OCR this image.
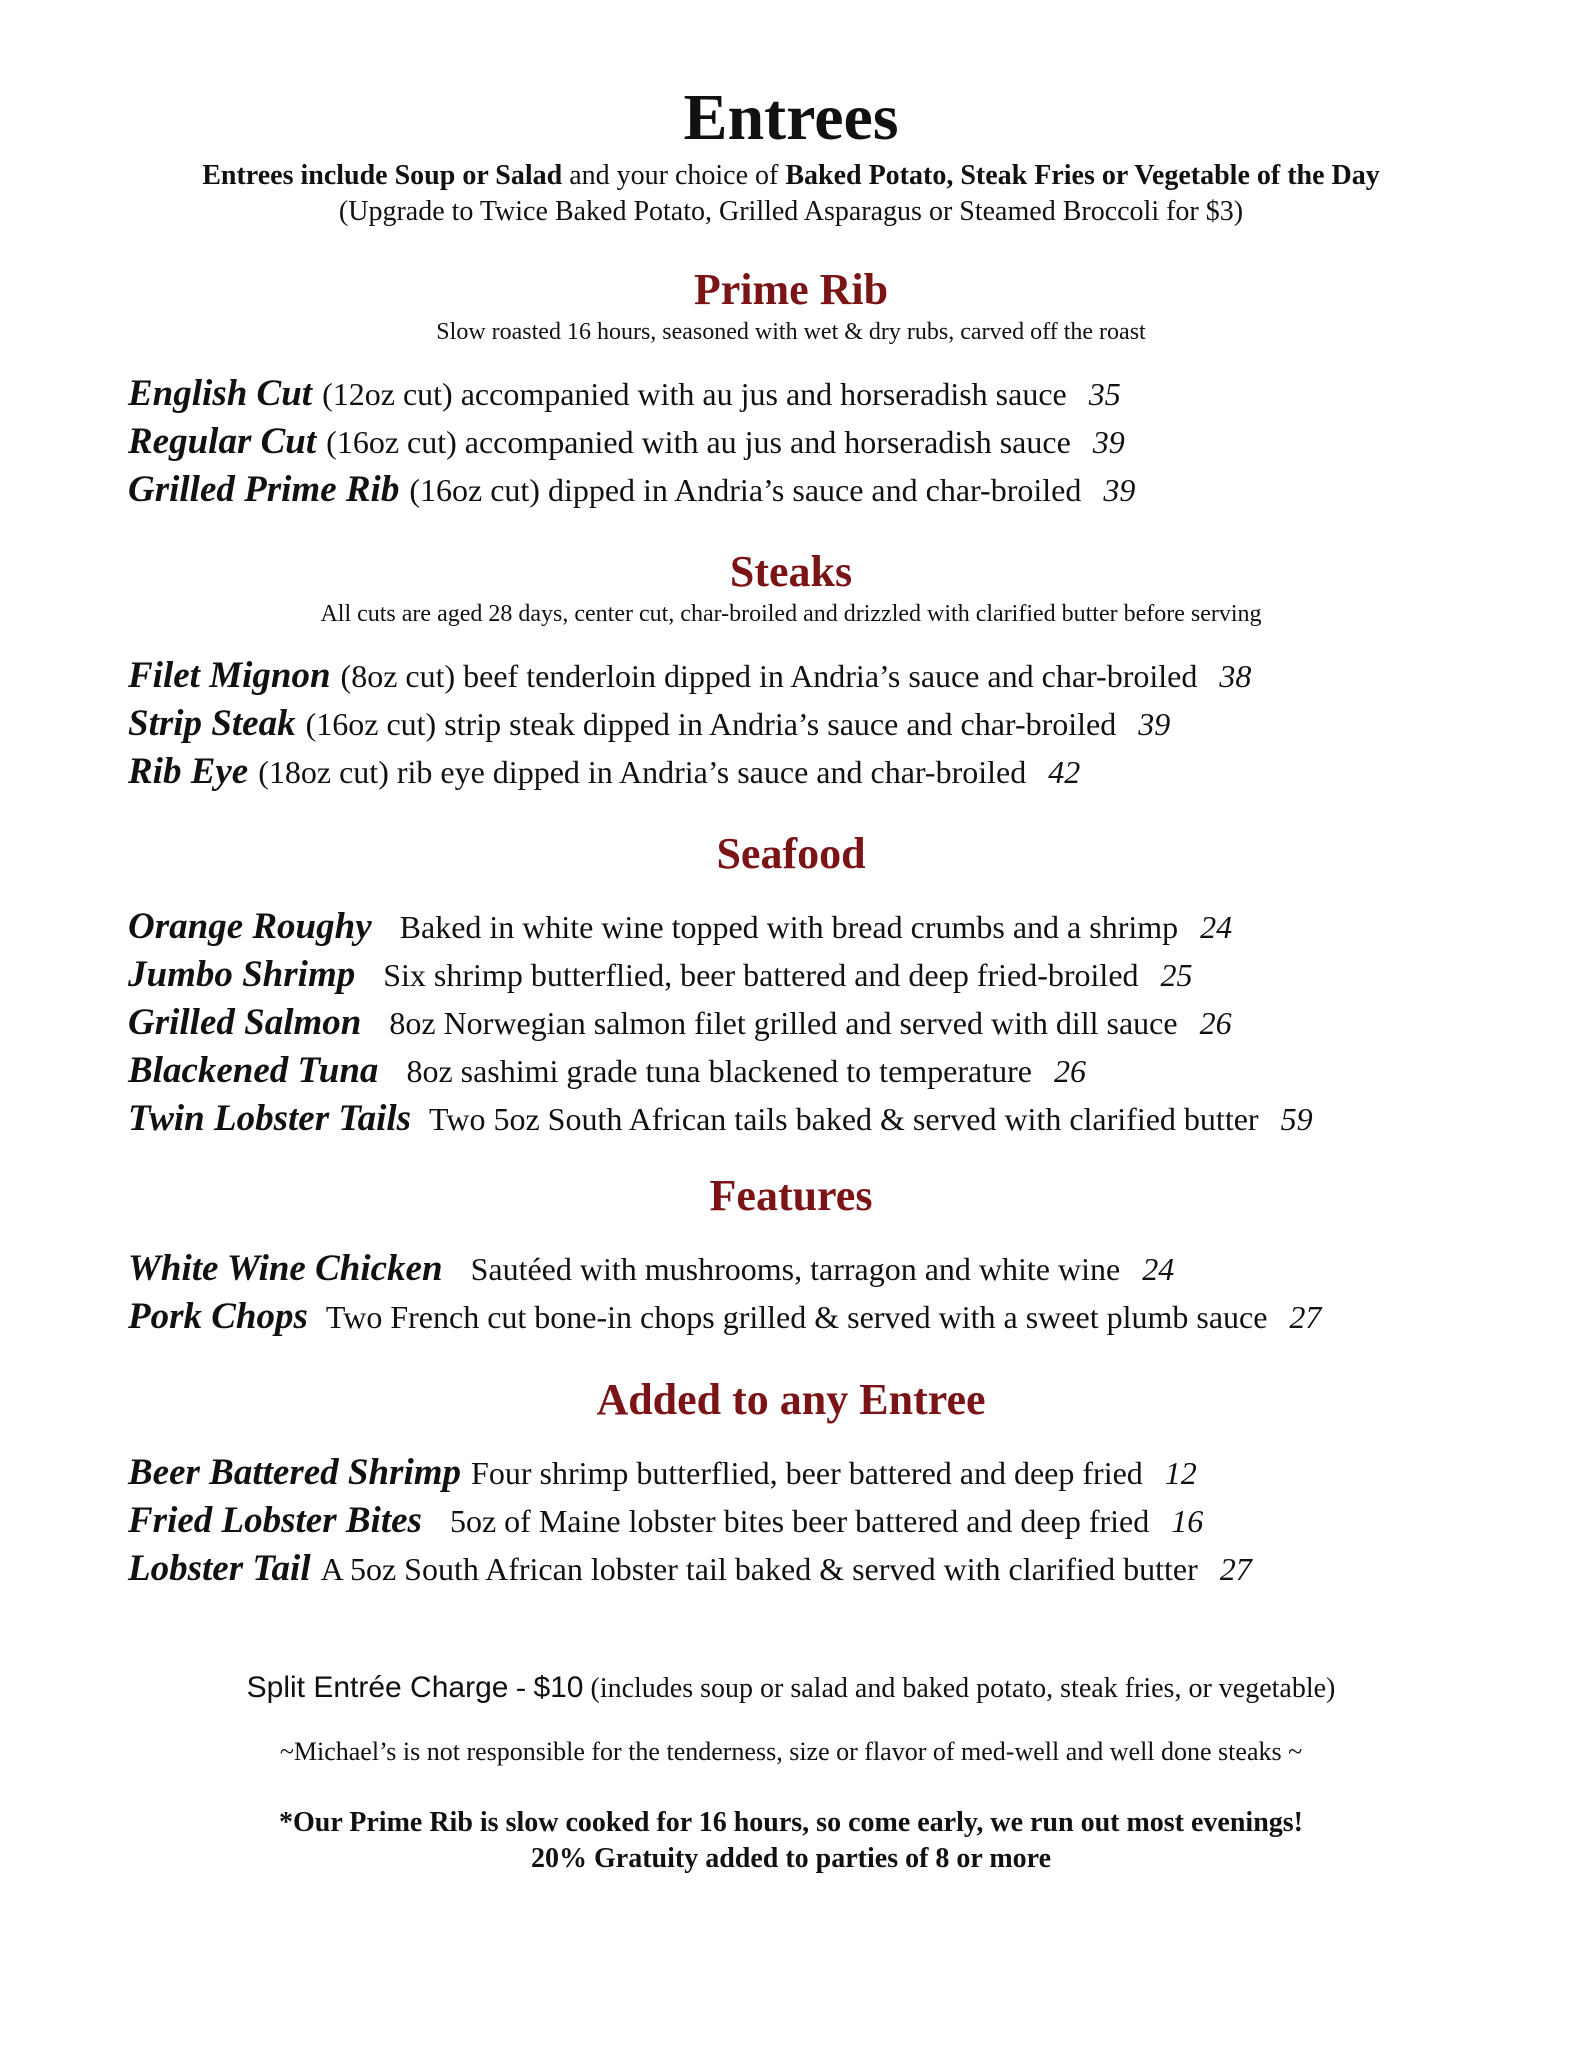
Entrees
Entrees include Soup or Salad and your choice of Baked Potato, Steak Fries or Vegetable of the Day
(Upgrade to Twice Baked Potato, Grilled Asparagus or Steamed Broccoli for $3)
Prime Rib
Slow roasted 16 hours, seasoned with wet & dry rubs, carved off the roast
English Cut (12oz cut) accompanied with au jus and horseradish sauce 35
Regular Cut (16oz cut) accompanied with au jus and horseradish sauce 39
Grilled Prime Rib (16oz cut) dipped in Andria’s sauce and char-broiled 39
Steaks
All cuts are aged 28 days, center cut, char-broiled and drizzled with clarified butter before serving
Filet Mignon (8oz cut) beef tenderloin dipped in Andria’s sauce and char-broiled 38
Strip Steak (16oz cut) strip steak dipped in Andria’s sauce and char-broiled 39
Rib Eye (18oz cut) rib eye dipped in Andria’s sauce and char-broiled 42
Seafood
Orange Roughy Baked in white wine topped with bread crumbs and a shrimp 24
Jumbo Shrimp Six shrimp butterflied, beer battered and deep fried-broiled 25
Grilled Salmon 8oz Norwegian salmon filet grilled and served with dill sauce 26
Blackened Tuna 8oz sashimi grade tuna blackened to temperature 26
Twin Lobster Tails Two 5oz South African tails baked & served with clarified butter 59
Features
White Wine Chicken Sautéed with mushrooms, tarragon and white wine 24
Pork Chops Two French cut bone-in chops grilled & served with a sweet plumb sauce 27
Added to any Entree
Beer Battered Shrimp Four shrimp butterflied, beer battered and deep fried 12
Fried Lobster Bites 5oz of Maine lobster bites beer battered and deep fried 16
Lobster Tail A 5oz South African lobster tail baked & served with clarified butter 27
Split Entrée Charge - $10 (includes soup or salad and baked potato, steak fries, or vegetable)
~Michael’s is not responsible for the tenderness, size or flavor of med-well and well done steaks ~
*Our Prime Rib is slow cooked for 16 hours, so come early, we run out most evenings!
20% Gratuity added to parties of 8 or more
